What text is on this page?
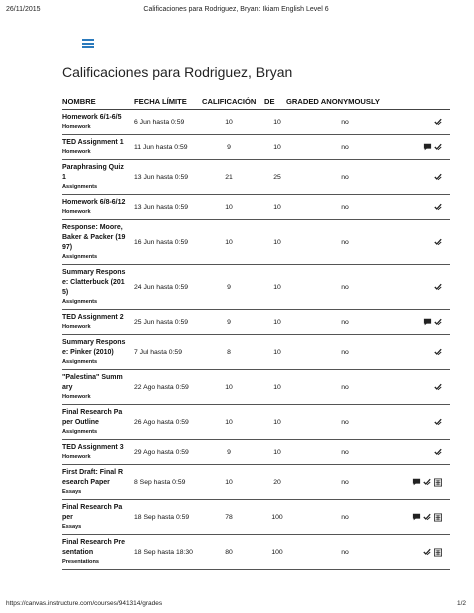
26/11/2015	Calificaciones para Rodriguez, Bryan: Ikiam English Level 6
Calificaciones para Rodriguez, Bryan
NOMBRE	FECHA LÍMITE	CALIFICACIÓN DE	GRADED ANONYMOUSLY
Homework 6/1-6/5
Homework
6 Jun hasta 0:59	10	10	no
TED Assignment 1
Homework
11 Jun hasta 0:59	9	10	no
Paraphrasing Quiz
1
Assignments
13 Jun hasta 0:59	21	25	no
Homework 6/8-6/12
Homework
13 Jun hasta 0:59	10	10	no
Response: Moore,
Baker & Packer (19
97)
Assignments
16 Jun hasta 0:59	10	10	no
Summary Respons
e: Clatterbuck (201
5)
Assignments
24 Jun hasta 0:59	9	10	no
TED Assignment 2
Homework
25 Jun hasta 0:59	9	10	no
Summary Respons
e: Pinker (2010)
Assignments
7 Jul hasta 0:59	8	10	no
"Palestina" Summ
ary
Homework
22 Ago hasta 0:59	10	10	no
Final Research Pa
per Outline
Assignments
26 Ago hasta 0:59	10	10	no
TED Assignment 3
Homework
29 Ago hasta 0:59	9	10	no
First Draft: Final R
esearch Paper
Essays
8 Sep hasta 0:59	10	20	no
Final Research Pa
per
Essays
18 Sep hasta 0:59	78	100	no
Final Research Pre
sentation
Presentations
18 Sep hasta 18:30	80	100	no
https://canvas.instructure.com/courses/941314/grades	1/2
